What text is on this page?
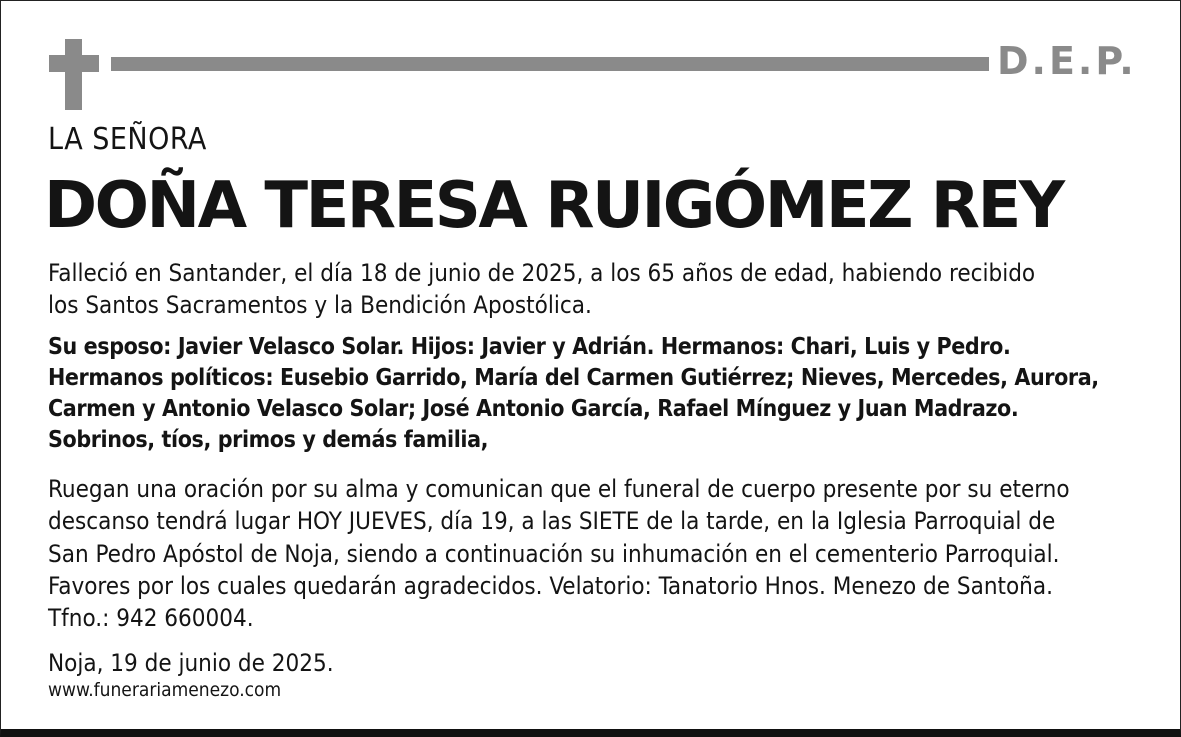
D.E.P.
LA SEÑORA
DOÑA TERESA RUIGÓMEZ REY

Falleció en Santander, el día 18 de junio de 2025, a los 65 años de edad, habiendo recibido
los Santos Sacramentos y la Bendición Apostólica.

Su esposo: Javier Velasco Solar. Hijos: Javier y Adrián. Hermanos: Chari, Luis y Pedro.
Hermanos políticos: Eusebio Garrido, María del Carmen Gutiérrez; Nieves, Mercedes, Aurora,
Carmen y Antonio Velasco Solar; José Antonio García, Rafael Mínguez y Juan Madrazo.
Sobrinos, tíos, primos y demás familia,

Ruegan una oración por su alma y comunican que el funeral de cuerpo presente por su eterno
descanso tendrá lugar HOY JUEVES, día 19, a las SIETE de la tarde, en la Iglesia Parroquial de
San Pedro Apóstol de Noja, siendo a continuación su inhumación en el cementerio Parroquial.
Favores por los cuales quedarán agradecidos. Velatorio: Tanatorio Hnos. Menezo de Santoña.
Tfno.: 942 660004.

Noja, 19 de junio de 2025.
www.funerariamenezo.com
